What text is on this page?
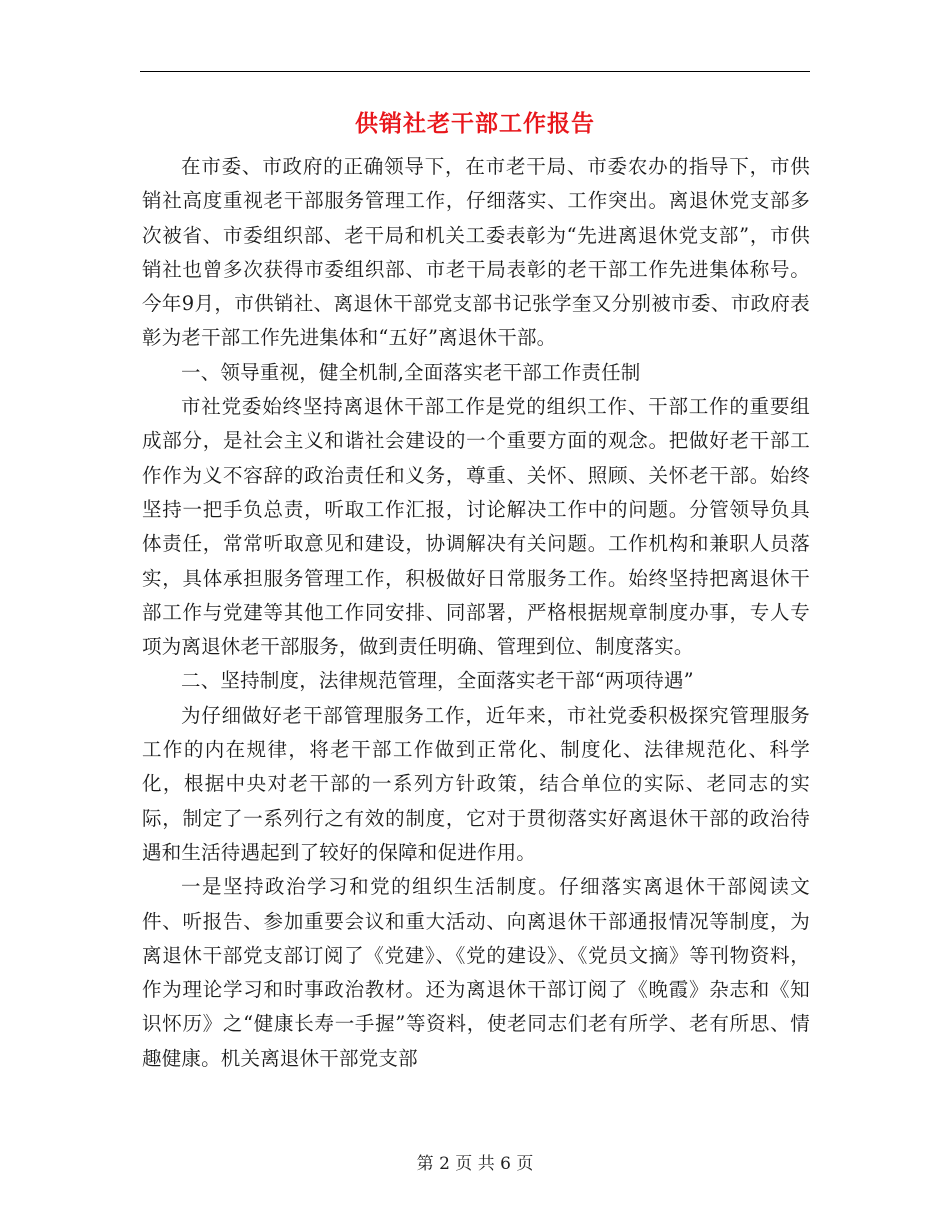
供销社老干部工作报告

在市委、市政府的正确领导下，在市老干局、市委农办的指导下，市供销社高度重视老干部服务管理工作，仔细落实、工作突出。离退休党支部多次被省、市委组织部、老干局和机关工委表彰为“先进离退休党支部”，市供销社也曾多次获得市委组织部、市老干局表彰的老干部工作先进集体称号。今年9月，市供销社、离退休干部党支部书记张学奎又分别被市委、市政府表彰为老干部工作先进集体和“五好”离退休干部。

一、领导重视，健全机制,全面落实老干部工作责任制

市社党委始终坚持离退休干部工作是党的组织工作、干部工作的重要组成部分，是社会主义和谐社会建设的一个重要方面的观念。把做好老干部工作作为义不容辞的政治责任和义务，尊重、关怀、照顾、关怀老干部。始终坚持一把手负总责，听取工作汇报，讨论解决工作中的问题。分管领导负具体责任，常常听取意见和建设，协调解决有关问题。工作机构和兼职人员落实，具体承担服务管理工作，积极做好日常服务工作。始终坚持把离退休干部工作与党建等其他工作同安排、同部署，严格根据规章制度办事，专人专项为离退休老干部服务，做到责任明确、管理到位、制度落实。

二、坚持制度，法律规范管理，全面落实老干部“两项待遇”

为仔细做好老干部管理服务工作，近年来，市社党委积极探究管理服务工作的内在规律，将老干部工作做到正常化、制度化、法律规范化、科学化，根据中央对老干部的一系列方针政策，结合单位的实际、老同志的实际，制定了一系列行之有效的制度，它对于贯彻落实好离退休干部的政治待遇和生活待遇起到了较好的保障和促进作用。

一是坚持政治学习和党的组织生活制度。仔细落实离退休干部阅读文件、听报告、参加重要会议和重大活动、向离退休干部通报情况等制度，为离退休干部党支部订阅了《党建》、《党的建设》、《党员文摘》等刊物资料，作为理论学习和时事政治教材。还为离退休干部订阅了《晚霞》杂志和《知识怀历》之“健康长寿一手握”等资料，使老同志们老有所学、老有所思、情趣健康。机关离退休干部党支部

第 2 页 共 6 页
